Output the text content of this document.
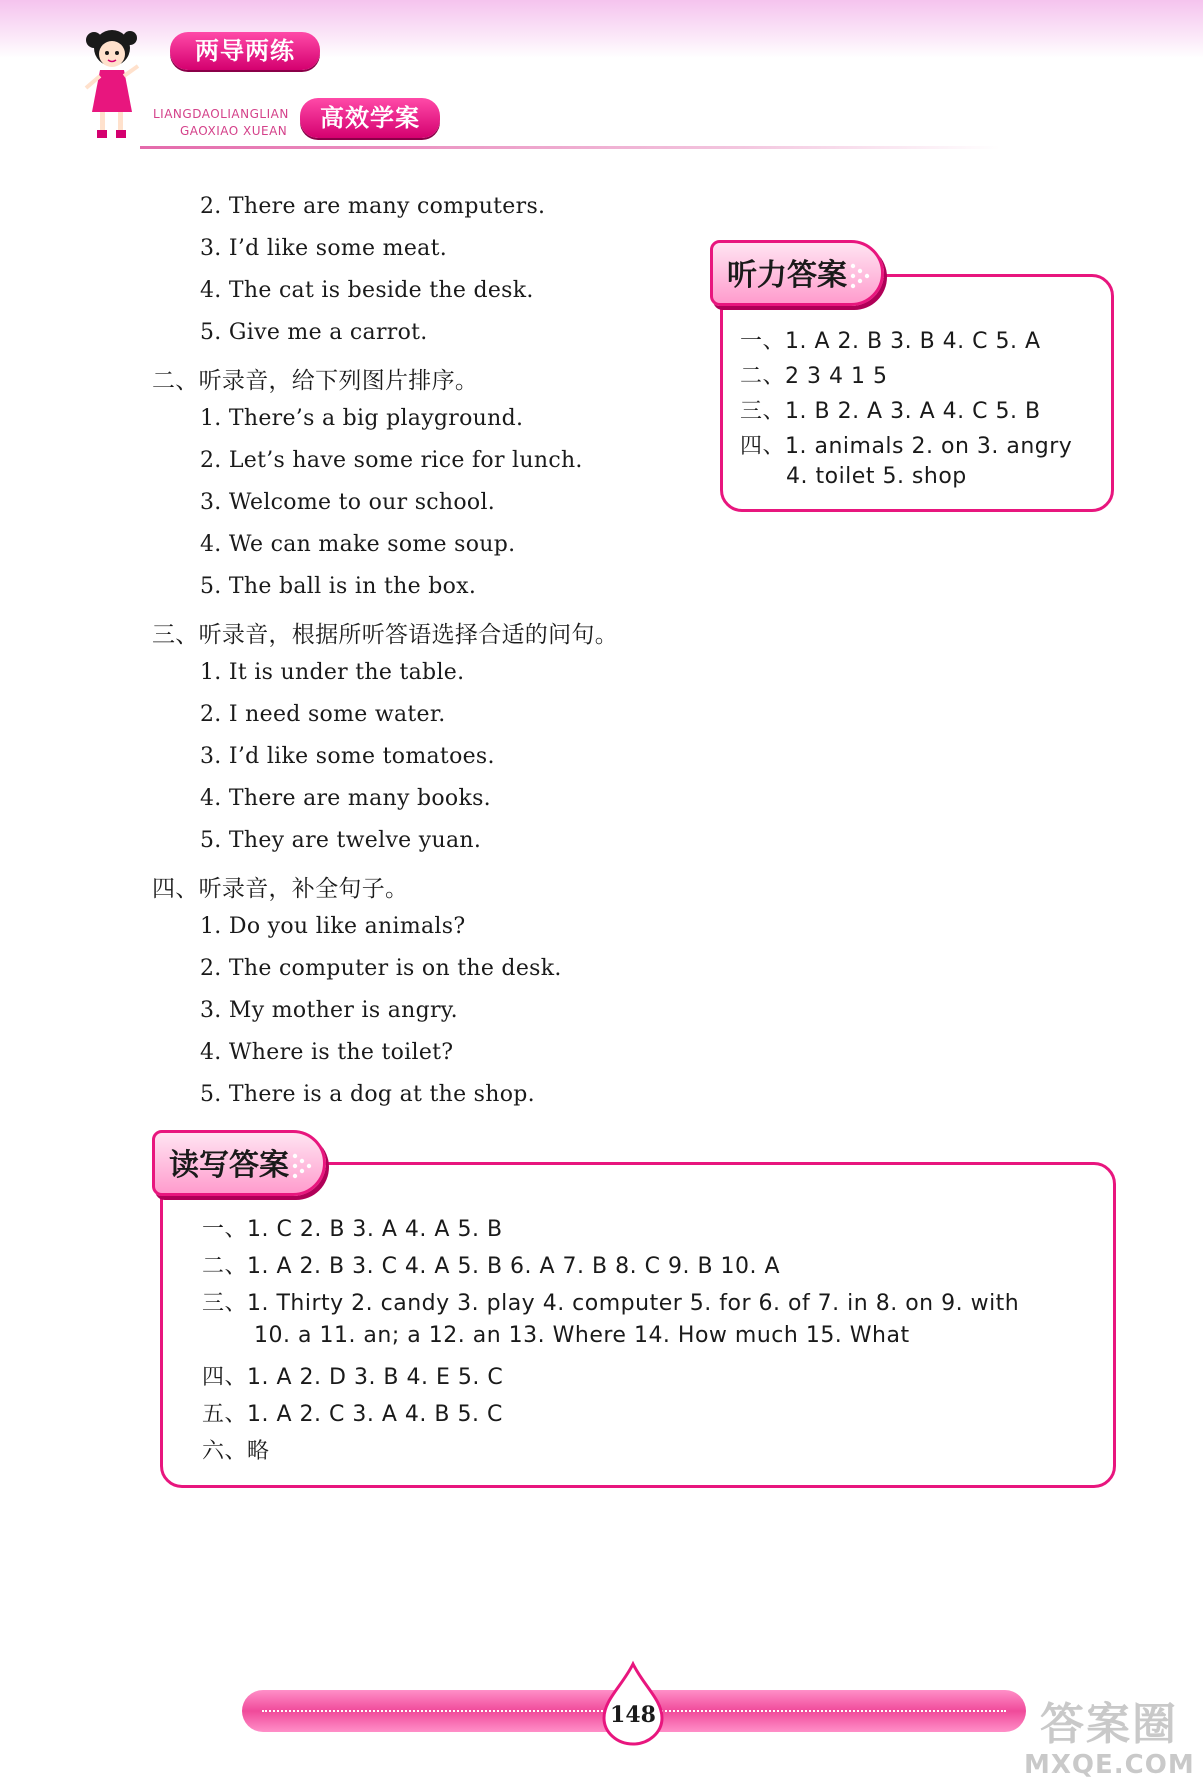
两导两练
高效学案
LIANGDAOLIANGLIAN
GAOXIAO XUEAN
2. There are many computers.
3. I’d like some meat.
4. The cat is beside the desk.
5. Give me a carrot.
二、听录音，给下列图片排序。
1. There’s a big playground.
2. Let’s have some rice for lunch.
3. Welcome to our school.
4. We can make some soup.
5. The ball is in the box.
三、听录音，根据所听答语选择合适的问句。
1. It is under the table.
2. I need some water.
3. I’d like some tomatoes.
4. There are many books.
5. They are twelve yuan.
四、听录音，补全句子。
1. Do you like animals?
2. The computer is on the desk.
3. My mother is angry.
4. Where is the toilet?
5. There is a dog at the shop.
听力答案
一、1. A 2. B 3. B 4. C 5. A
二、2 3 4 1 5
三、1. B 2. A 3. A 4. C 5. B
四、1. animals 2. on 3. angry
4. toilet 5. shop
读写答案
一、1. C 2. B 3. A 4. A 5. B
二、1. A 2. B 3. C 4. A 5. B 6. A 7. B 8. C 9. B 10. A
三、1. Thirty 2. candy 3. play 4. computer 5. for 6. of 7. in 8. on 9. with
10. a 11. an; a 12. an 13. Where 14. How much 15. What
四、1. A 2. D 3. B 4. E 5. C
五、1. A 2. C 3. A 4. B 5. C
六、略
148	答案圈
MXQE.COM
